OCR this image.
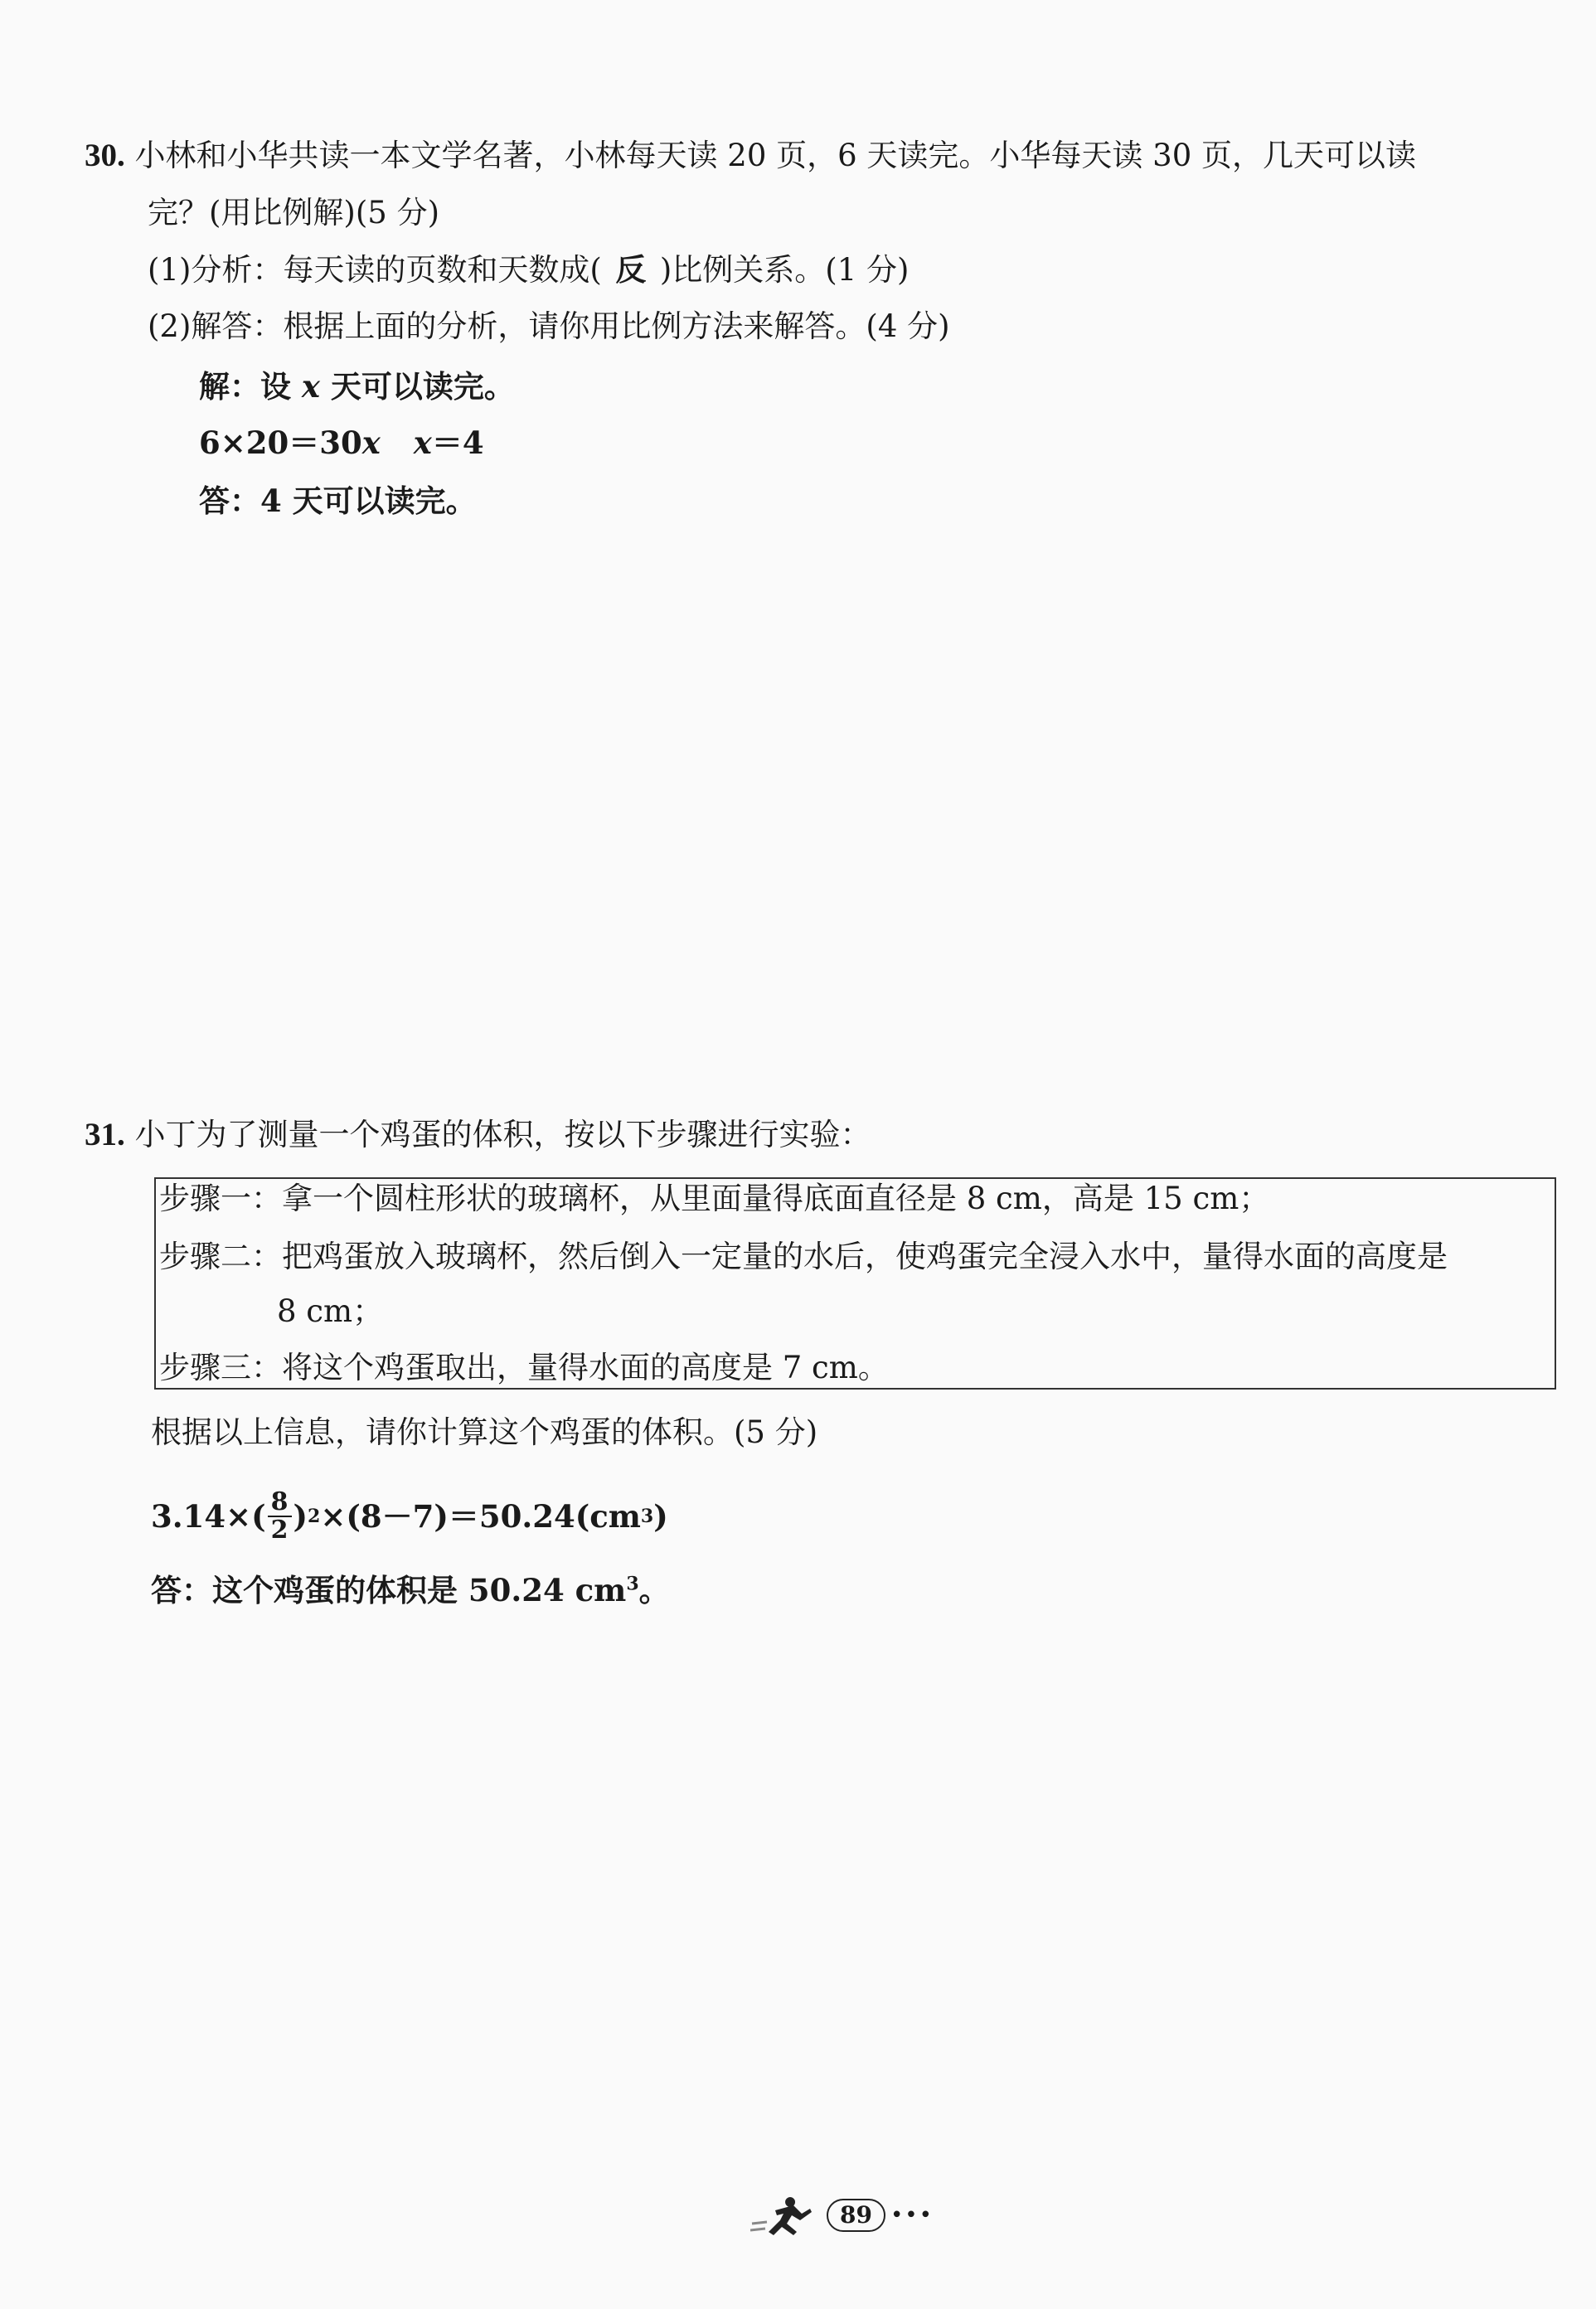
30. 小林和小华共读一本文学名著，小林每天读 20 页，6 天读完。小华每天读 30 页，几天可以读
完？(用比例解)(5 分)
(1)分析：每天读的页数和天数成( 反 )比例关系。(1 分)
(2)解答：根据上面的分析，请你用比例方法来解答。(4 分)
解：设 x 天可以读完。
6×20＝30x x＝4
答：4 天可以读完。
31. 小丁为了测量一个鸡蛋的体积，按以下步骤进行实验：
步骤一：拿一个圆柱形状的玻璃杯，从里面量得底面直径是 8 cm，高是 15 cm；
步骤二：把鸡蛋放入玻璃杯，然后倒入一定量的水后，使鸡蛋完全浸入水中，量得水面的高度是
8 cm；
步骤三：将这个鸡蛋取出，量得水面的高度是 7 cm。
根据以上信息，请你计算这个鸡蛋的体积。(5 分)
$3.14\times( \frac{8}{2}$ ) 2 ×(8－7)＝50.24(cm 3 )
答：这个鸡蛋的体积是 50.24 $cm^3$。
89 •••
